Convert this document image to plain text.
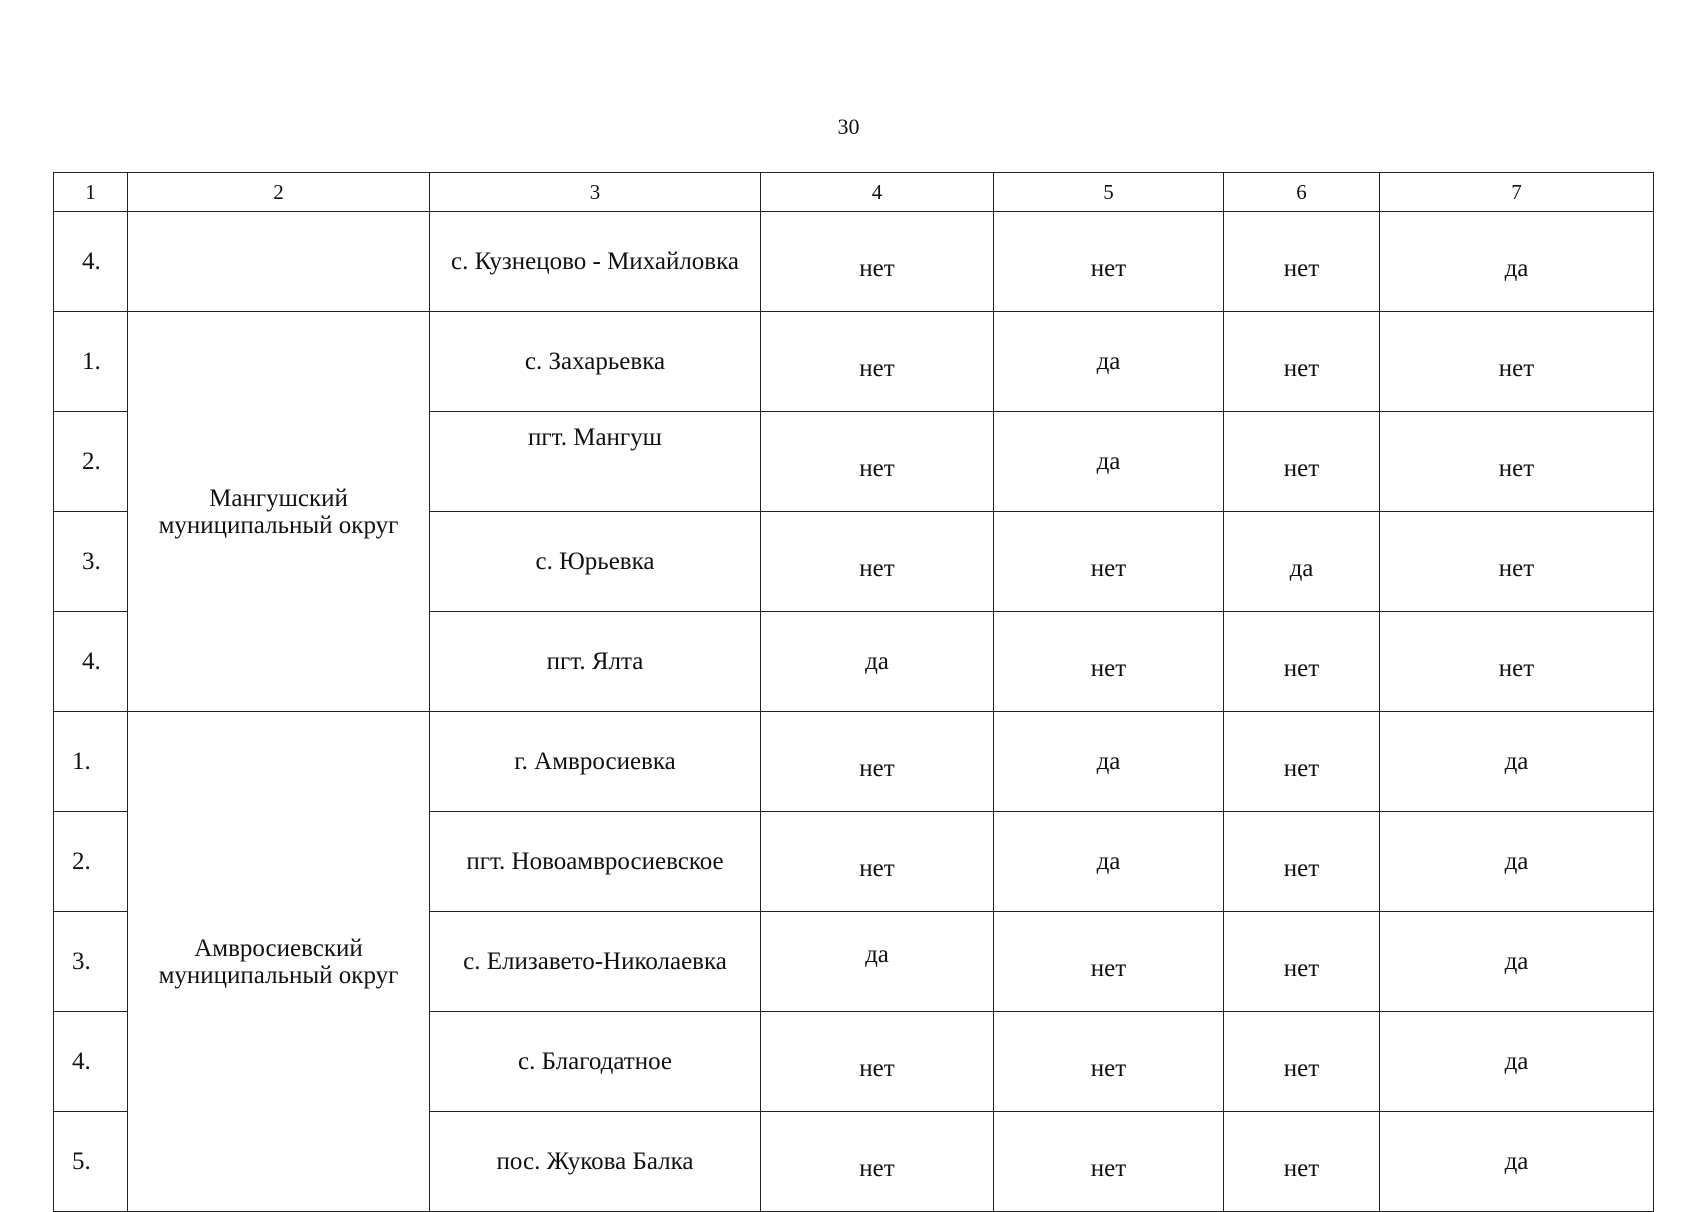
30
1	2	3	4	5	6	7
4.		с. Кузнецово - Михайловка	нет	нет	нет	да
1.	Мангушский муниципальный округ	с. Захарьевка	нет	да	нет	нет
2.		пгт. Мангуш	нет	да	нет	нет
3.		с. Юрьевка	нет	нет	да	нет
4.		пгт. Ялта	да	нет	нет	нет
1.	Амвросиевский муниципальный округ	г. Амвросиевка	нет	да	нет	да
2.		пгт. Новоамвросиевское	нет	да	нет	да
3.		с. Елизавето-Николаевка	да	нет	нет	да
4.		с. Благодатное	нет	нет	нет	да
5.		пос. Жукова Балка	нет	нет	нет	да
